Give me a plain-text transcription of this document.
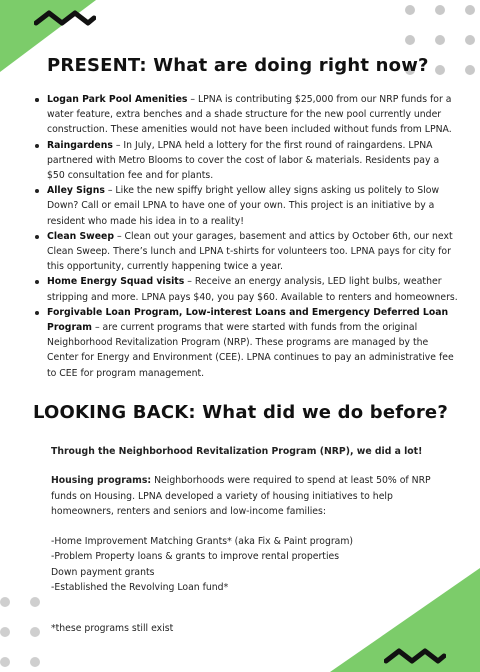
PRESENT: What are doing right now?
Logan Park Pool Amenities – LPNA is contributing $25,000 from our NRP funds for a water feature, extra benches and a shade structure for the new pool currently under construction. These amenities would not have been included without funds from LPNA.
Raingardens – In July, LPNA held a lottery for the first round of raingardens. LPNA partnered with Metro Blooms to cover the cost of labor & materials. Residents pay a $50 consultation fee and for plants.
Alley Signs – Like the new spiffy bright yellow alley signs asking us politely to Slow Down? Call or email LPNA to have one of your own. This project is an initiative by a resident who made his idea in to a reality!
Clean Sweep – Clean out your garages, basement and attics by October 6th, our next Clean Sweep. There’s lunch and LPNA t-shirts for volunteers too. LPNA pays for city for this opportunity, currently happening twice a year.
Home Energy Squad visits – Receive an energy analysis, LED light bulbs, weather stripping and more. LPNA pays $40, you pay $60. Available to renters and homeowners.
Forgivable Loan Program, Low-interest Loans and Emergency Deferred Loan Program – are current programs that were started with funds from the original Neighborhood Revitalization Program (NRP). These programs are managed by the Center for Energy and Environment (CEE). LPNA continues to pay an administrative fee to CEE for program management.
LOOKING BACK: What did we do before?

Through the Neighborhood Revitalization Program (NRP), we did a lot!

Housing programs: Neighborhoods were required to spend at least 50% of NRP funds on Housing. LPNA developed a variety of housing initiatives to help homeowners, renters and seniors and low-income families:

-Home Improvement Matching Grants* (aka Fix & Paint program)

-Problem Property loans & grants to improve rental properties

Down payment grants

-Established the Revolving Loan fund*

*these programs still exist
